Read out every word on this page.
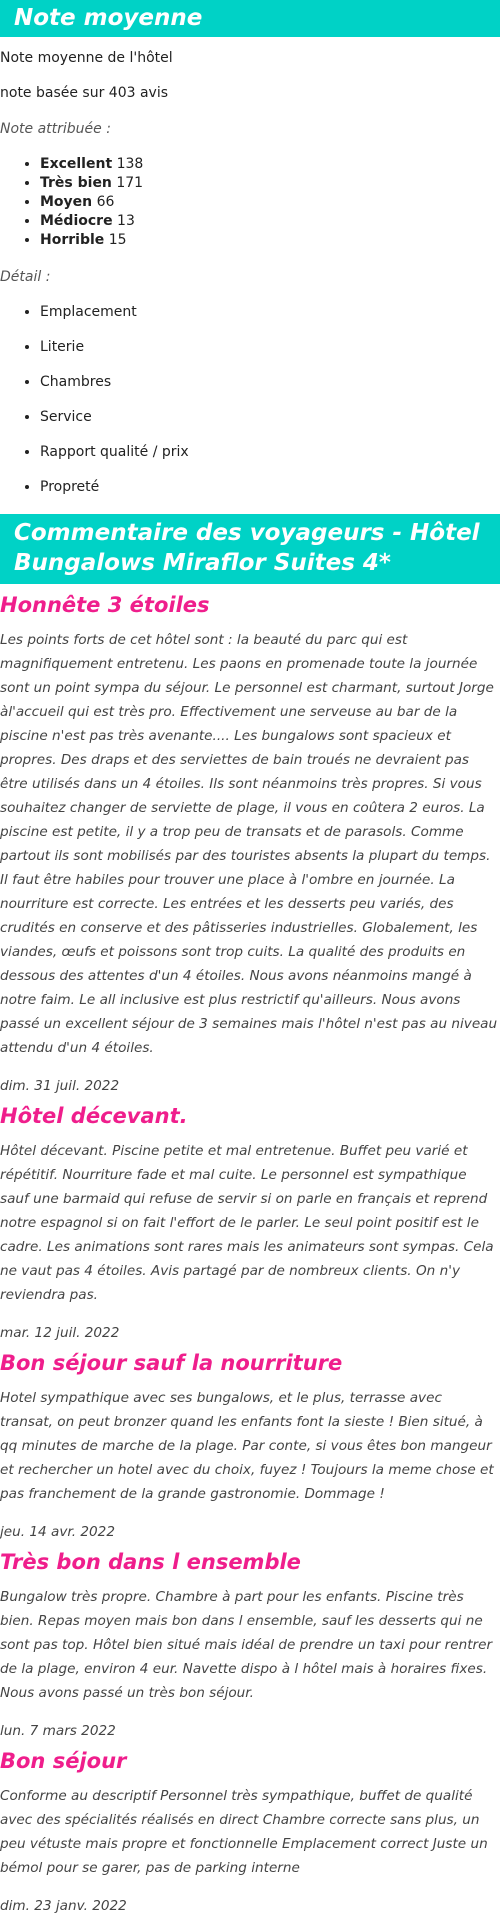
Note moyenne

Note moyenne de l'hôtel

note basée sur 403 avis

Note attribuée :

• Excellent 138
• Très bien 171
• Moyen 66
• Médiocre 13
• Horrible 15

Détail :

• Emplacement
• Literie
• Chambres
• Service
• Rapport qualité / prix
• Propreté
Commentaire des voyageurs - Hôtel Bungalows Miraflor Suites 4*
Honnête 3 étoiles

Les points forts de cet hôtel sont : la beauté du parc qui est magnifiquement entretenu. Les paons en promenade toute la journée sont un point sympa du séjour. Le personnel est charmant, surtout Jorge àl'accueil qui est très pro. Effectivement une serveuse au bar de la piscine n'est pas très avenante.... Les bungalows sont spacieux et propres. Des draps et des serviettes de bain troués ne devraient pas être utilisés dans un 4 étoiles. Ils sont néanmoins très propres. Si vous souhaitez changer de serviette de plage, il vous en coûtera 2 euros. La piscine est petite, il y a trop peu de transats et de parasols. Comme partout ils sont mobilisés par des touristes absents la plupart du temps. Il faut être habiles pour trouver une place à l'ombre en journée. La nourriture est correcte. Les entrées et les desserts peu variés, des crudités en conserve et des pâtisseries industrielles. Globalement, les viandes, œufs et poissons sont trop cuits. La qualité des produits en dessous des attentes d'un 4 étoiles. Nous avons néanmoins mangé à notre faim. Le all inclusive est plus restrictif qu'ailleurs. Nous avons passé un excellent séjour de 3 semaines mais l'hôtel n'est pas au niveau attendu d'un 4 étoiles.

dim. 31 juil. 2022

Hôtel décevant.

Hôtel décevant. Piscine petite et mal entretenue. Buffet peu varié et répétitif. Nourriture fade et mal cuite. Le personnel est sympathique sauf une barmaid qui refuse de servir si on parle en français et reprend notre espagnol si on fait l'effort de le parler. Le seul point positif est le cadre. Les animations sont rares mais les animateurs sont sympas. Cela ne vaut pas 4 étoiles. Avis partagé par de nombreux clients. On n'y reviendra pas.

mar. 12 juil. 2022

Bon séjour sauf la nourriture

Hotel sympathique avec ses bungalows, et le plus, terrasse avec transat, on peut bronzer quand les enfants font la sieste ! Bien situé, à qq minutes de marche de la plage. Par conte, si vous êtes bon mangeur et rechercher un hotel avec du choix, fuyez ! Toujours la meme chose et pas franchement de la grande gastronomie. Dommage !

jeu. 14 avr. 2022

Très bon dans l ensemble

Bungalow très propre. Chambre à part pour les enfants. Piscine très bien. Repas moyen mais bon dans l ensemble, sauf les desserts qui ne sont pas top. Hôtel bien situé mais idéal de prendre un taxi pour rentrer de la plage, environ 4 eur. Navette dispo à l hôtel mais à horaires fixes. Nous avons passé un très bon séjour.

lun. 7 mars 2022

Bon séjour

Conforme au descriptif Personnel très sympathique, buffet de qualité avec des spécialités réalisés en direct Chambre correcte sans plus, un peu vétuste mais propre et fonctionnelle Emplacement correct Juste un bémol pour se garer, pas de parking interne

dim. 23 janv. 2022
